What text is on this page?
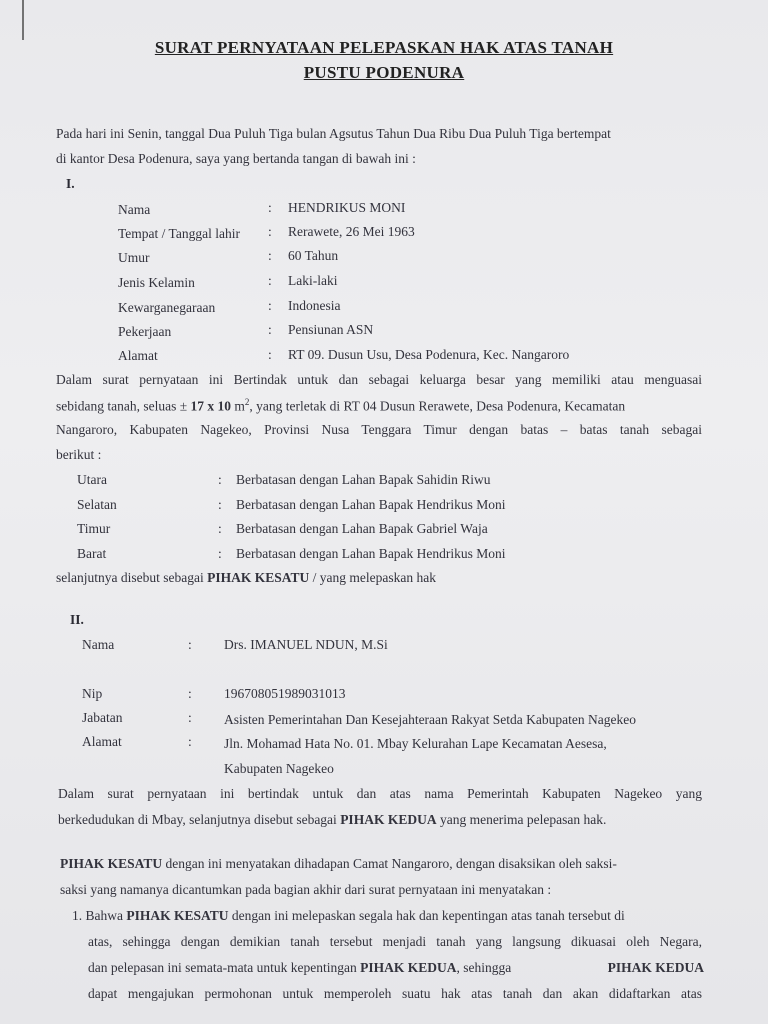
SURAT PERNYATAAN PELEPASKAN HAK ATAS TANAH
PUSTU PODENURA
Pada hari ini Senin, tanggal Dua Puluh Tiga bulan Agsutus Tahun Dua Ribu Dua Puluh Tiga bertempat
di kantor Desa Podenura, saya yang bertanda tangan di bawah ini :
I.
Nama	: HENDRIKUS MONI
Tempat / Tanggal lahir : Rerawete, 26 Mei 1963
Umur	: 60 Tahun
Jenis Kelamin	: Laki-laki
Kewarganegaraan	: Indonesia
Pekerjaan	: Pensiunan ASN
Alamat	: RT 09. Dusun Usu, Desa Podenura, Kec. Nangaroro
Dalam surat pernyataan ini Bertindak untuk dan sebagai keluarga besar yang memiliki atau menguasai
sebidang tanah, seluas ± 17 x 10 $m^2$, yang terletak di RT 04 Dusun Rerawete, Desa Podenura, Kecamatan
Nangaroro, Kabupaten Nagekeo, Provinsi Nusa Tenggara Timur dengan batas – batas tanah sebagai
berikut :
Utara	: Berbatasan dengan Lahan Bapak Sahidin Riwu
Selatan	: Berbatasan dengan Lahan Bapak Hendrikus Moni
Timur	: Berbatasan dengan Lahan Bapak Gabriel Waja
Barat	: Berbatasan dengan Lahan Bapak Hendrikus Moni
selanjutnya disebut sebagai PIHAK KESATU / yang melepaskan hak
II.
Nama	: Drs. IMANUEL NDUN, M.Si
Nip	: 196708051989031013
Jabatan	: Asisten Pemerintahan Dan Kesejahteraan Rakyat Setda Kabupaten Nagekeo
Alamat	: Jln. Mohamad Hata No. 01. Mbay Kelurahan Lape Kecamatan Aesesa,
Kabupaten Nagekeo
Dalam surat pernyataan ini bertindak untuk dan atas nama Pemerintah Kabupaten Nagekeo yang
berkedudukan di Mbay, selanjutnya disebut sebagai PIHAK KEDUA yang menerima pelepasan hak.
PIHAK KESATU dengan ini menyatakan dihadapan Camat Nangaroro, dengan disaksikan oleh saksi-
saksi yang namanya dicantumkan pada bagian akhir dari surat pernyataan ini menyatakan :
1. Bahwa PIHAK KESATU dengan ini melepaskan segala hak dan kepentingan atas tanah tersebut di
atas, sehingga dengan demikian tanah tersebut menjadi tanah yang langsung dikuasai oleh Negara,
dan pelepasan ini semata-mata untuk kepentingan PIHAK KEDUA, sehingga	PIHAK KEDUA
dapat mengajukan permohonan untuk memperoleh suatu hak atas tanah dan akan didaftarkan atas
